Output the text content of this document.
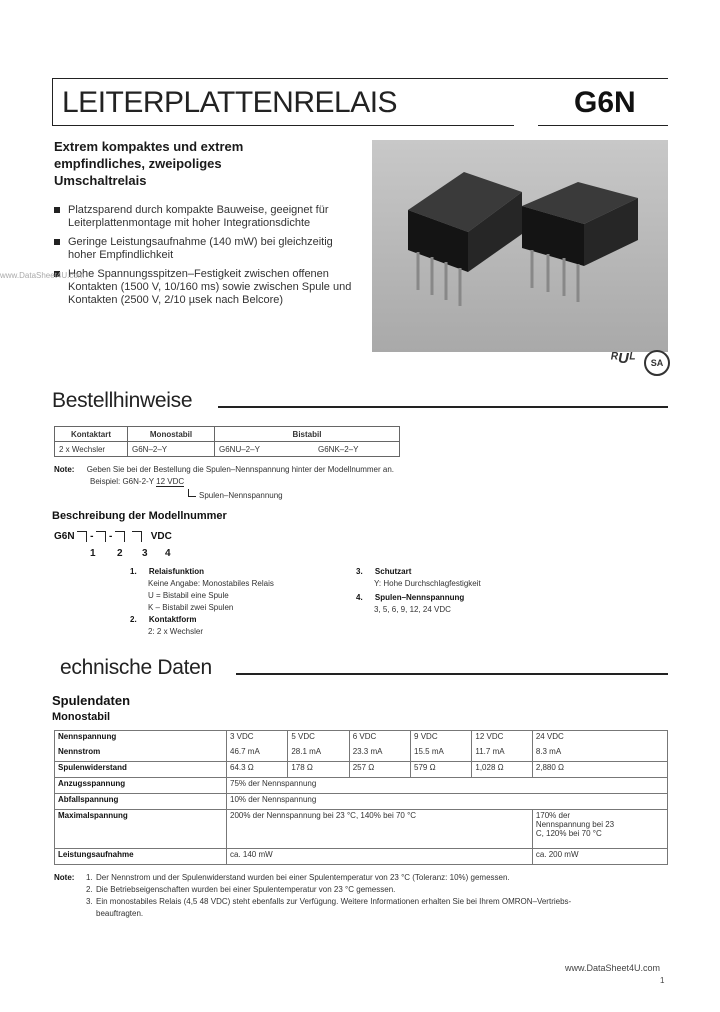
LEITERPLATTENRELAIS	G6N
Extrem kompaktes und extrem
empfindliches, zweipoliges
Umschaltrelais
Platzsparend durch kompakte Bauweise, geeignet für Leiterplattenmontage mit hoher Integrationsdichte
Geringe Leistungsaufnahme (140 mW) bei gleichzeitig hoher Empfindlichkeit
Hohe Spannungsspitzen–Festigkeit zwischen offenen Kontakten (1500 V, 10/160 ms) sowie zwischen Spule und Kontakten (2500 V, 2/10 µsek nach Belcore)
www.DataSheet4U.com
ᴿUᴸ	SA
Bestellhinweise
Kontaktart	Monostabil	Bistabil	
2 x Wechsler	G6N–2–Y	G6NU–2–Y	G6NK–2–Y
Note: Geben Sie bei der Bestellung die Spulen–Nennspannung hinter der Modellnummer an.
Beispiel: G6N-2-Y 12 VDC
Spulen–Nennspannung
Beschreibung der Modellnummer
G6N - -	VDC
1 2 3 4
1. Relaisfunktion
Keine Angabe: Monostabiles Relais
U = Bistabil eine Spule
K – Bistabil zwei Spulen
2. Kontaktform
2: 2 x Wechsler
3. Schutzart
Y: Hohe Durchschlagfestigkeit
4. Spulen–Nennspannung
3, 5, 6, 9, 12, 24 VDC
echnische Daten
Spulendaten
Monostabil
Nennspannung	3 VDC	5 VDC	6 VDC	9 VDC	12 VDC	24 VDC
Nennstrom	46.7 mA	28.1 mA	23.3 mA	15.5 mA	11.7 mA	8.3 mA
Spulenwiderstand	64.3 Ω	178 Ω	257 Ω	579 Ω	1,028 Ω	2,880 Ω
Anzugsspannung	75% der Nennspannung					
Abfallspannung	10% der Nennspannung					
Maximalspannung	200% der Nennspannung bei 23 °C, 140% bei 70 °C					170% der
Nennspannung bei 23
C, 120% bei 70 °C

Leistungsaufnahme	ca. 140 mW					ca. 200 mW
Note:	1. Der Nennstrom und der Spulenwiderstand wurden bei einer Spulentemperatur von 23 °C (Toleranz: 10%) gemessen.
2. Die Betriebseigenschaften wurden bei einer Spulentemperatur von 23 °C gemessen.
3. Ein monostabiles Relais (4,5 48 VDC) steht ebenfalls zur Verfügung. Weitere Informationen erhalten Sie bei Ihrem OMRON–Vertriebs-
beauftragten.
www.DataSheet4U.com
1
